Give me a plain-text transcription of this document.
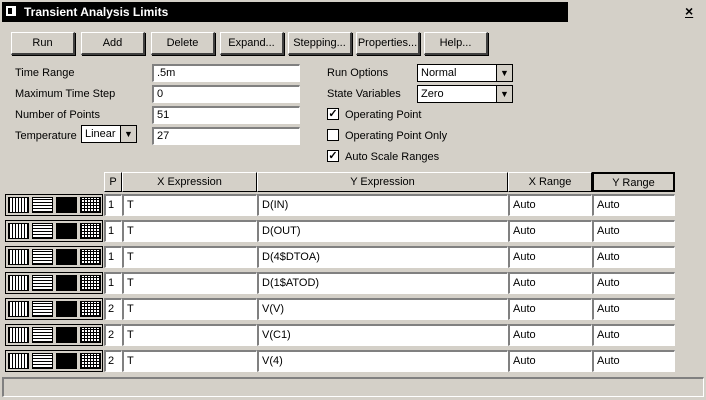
Transient Analysis Limits	×
Run	Add	Delete	Expand...	Stepping...	Properties...	Help...
Time Range	.5m
Maximum Time Step	0
Number of Points	51
Temperature Linear ▼	27
Run Options	Normal	▼
State Variables	Zero	▼
✓ Operating Point
Operating Point Only
✓ Auto Scale Ranges
P	X Expression	Y Expression	X Range	Y Range
1	T	D(IN)	Auto	Auto
1	T	D(OUT)	Auto	Auto
1	T	D(4$DTOA)	Auto	Auto
1	T	D(1$ATOD)	Auto	Auto
2	T	V(V)	Auto	Auto
2	T	V(C1)	Auto	Auto
2	T	V(4)	Auto	Auto
